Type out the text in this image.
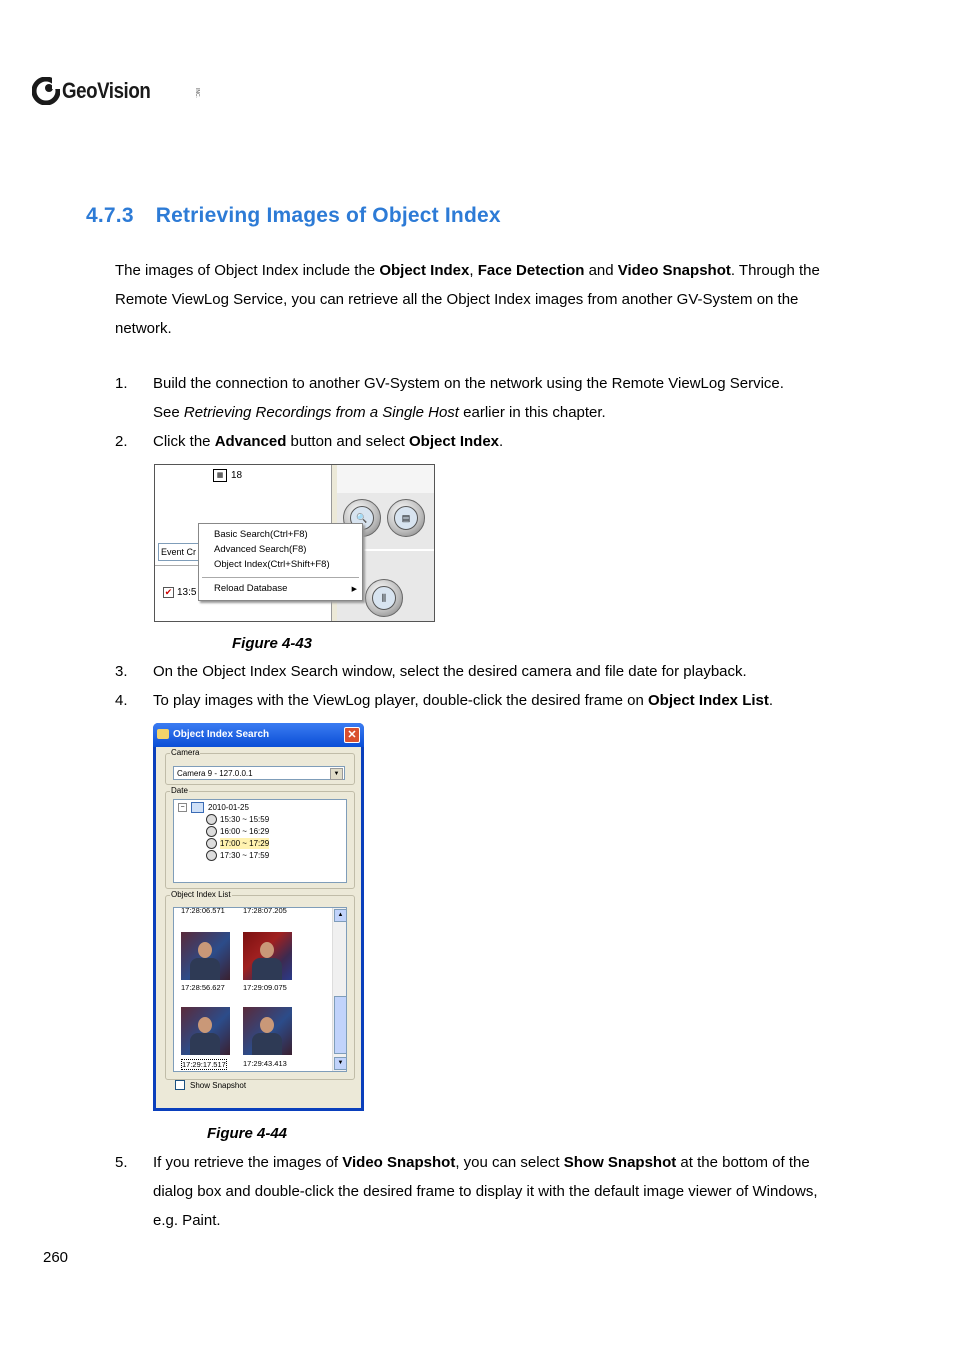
GeoVision	INC.
4.7.3 Retrieving Images of Object Index
The images of Object Index include the Object Index, Face Detection and Video Snapshot. Through the Remote ViewLog Service, you can retrieve all the Object Index images from another GV-System on the network.
1. Build the connection to another GV-System on the network using the Remote ViewLog Service.
See Retrieving Recordings from a Single Host earlier in this chapter.
2. Click the Advanced button and select Object Index.
▦ 18
Event Cr
✔ 13:5
🔍	▤
⫼
Basic Search(Ctrl+F8)
Advanced Search(F8)
Object Index(Ctrl+Shift+F8)
Reload Database	▶
Figure 4-43
3. On the Object Index Search window, select the desired camera and file date for playback.
4. To play images with the ViewLog player, double-click the desired frame on Object Index List.
Object Index Search	✕
Camera
Camera 9 - 127.0.0.1	▼
Date
−	2010-01-25
15:30 ~ 15:59
16:00 ~ 16:29
17:00 ~ 17:29
17:30 ~ 17:59
Object Index List
17:28:06.571 17:28:07.205
17:28:56.627 17:29:09.075
17:29:17.517 17:29:43.413
▲
▼
Show Snapshot
Figure 4-44
5. If you retrieve the images of Video Snapshot, you can select Show Snapshot at the bottom of the dialog box and double-click the desired frame to display it with the default image viewer of Windows, e.g. Paint.
260
